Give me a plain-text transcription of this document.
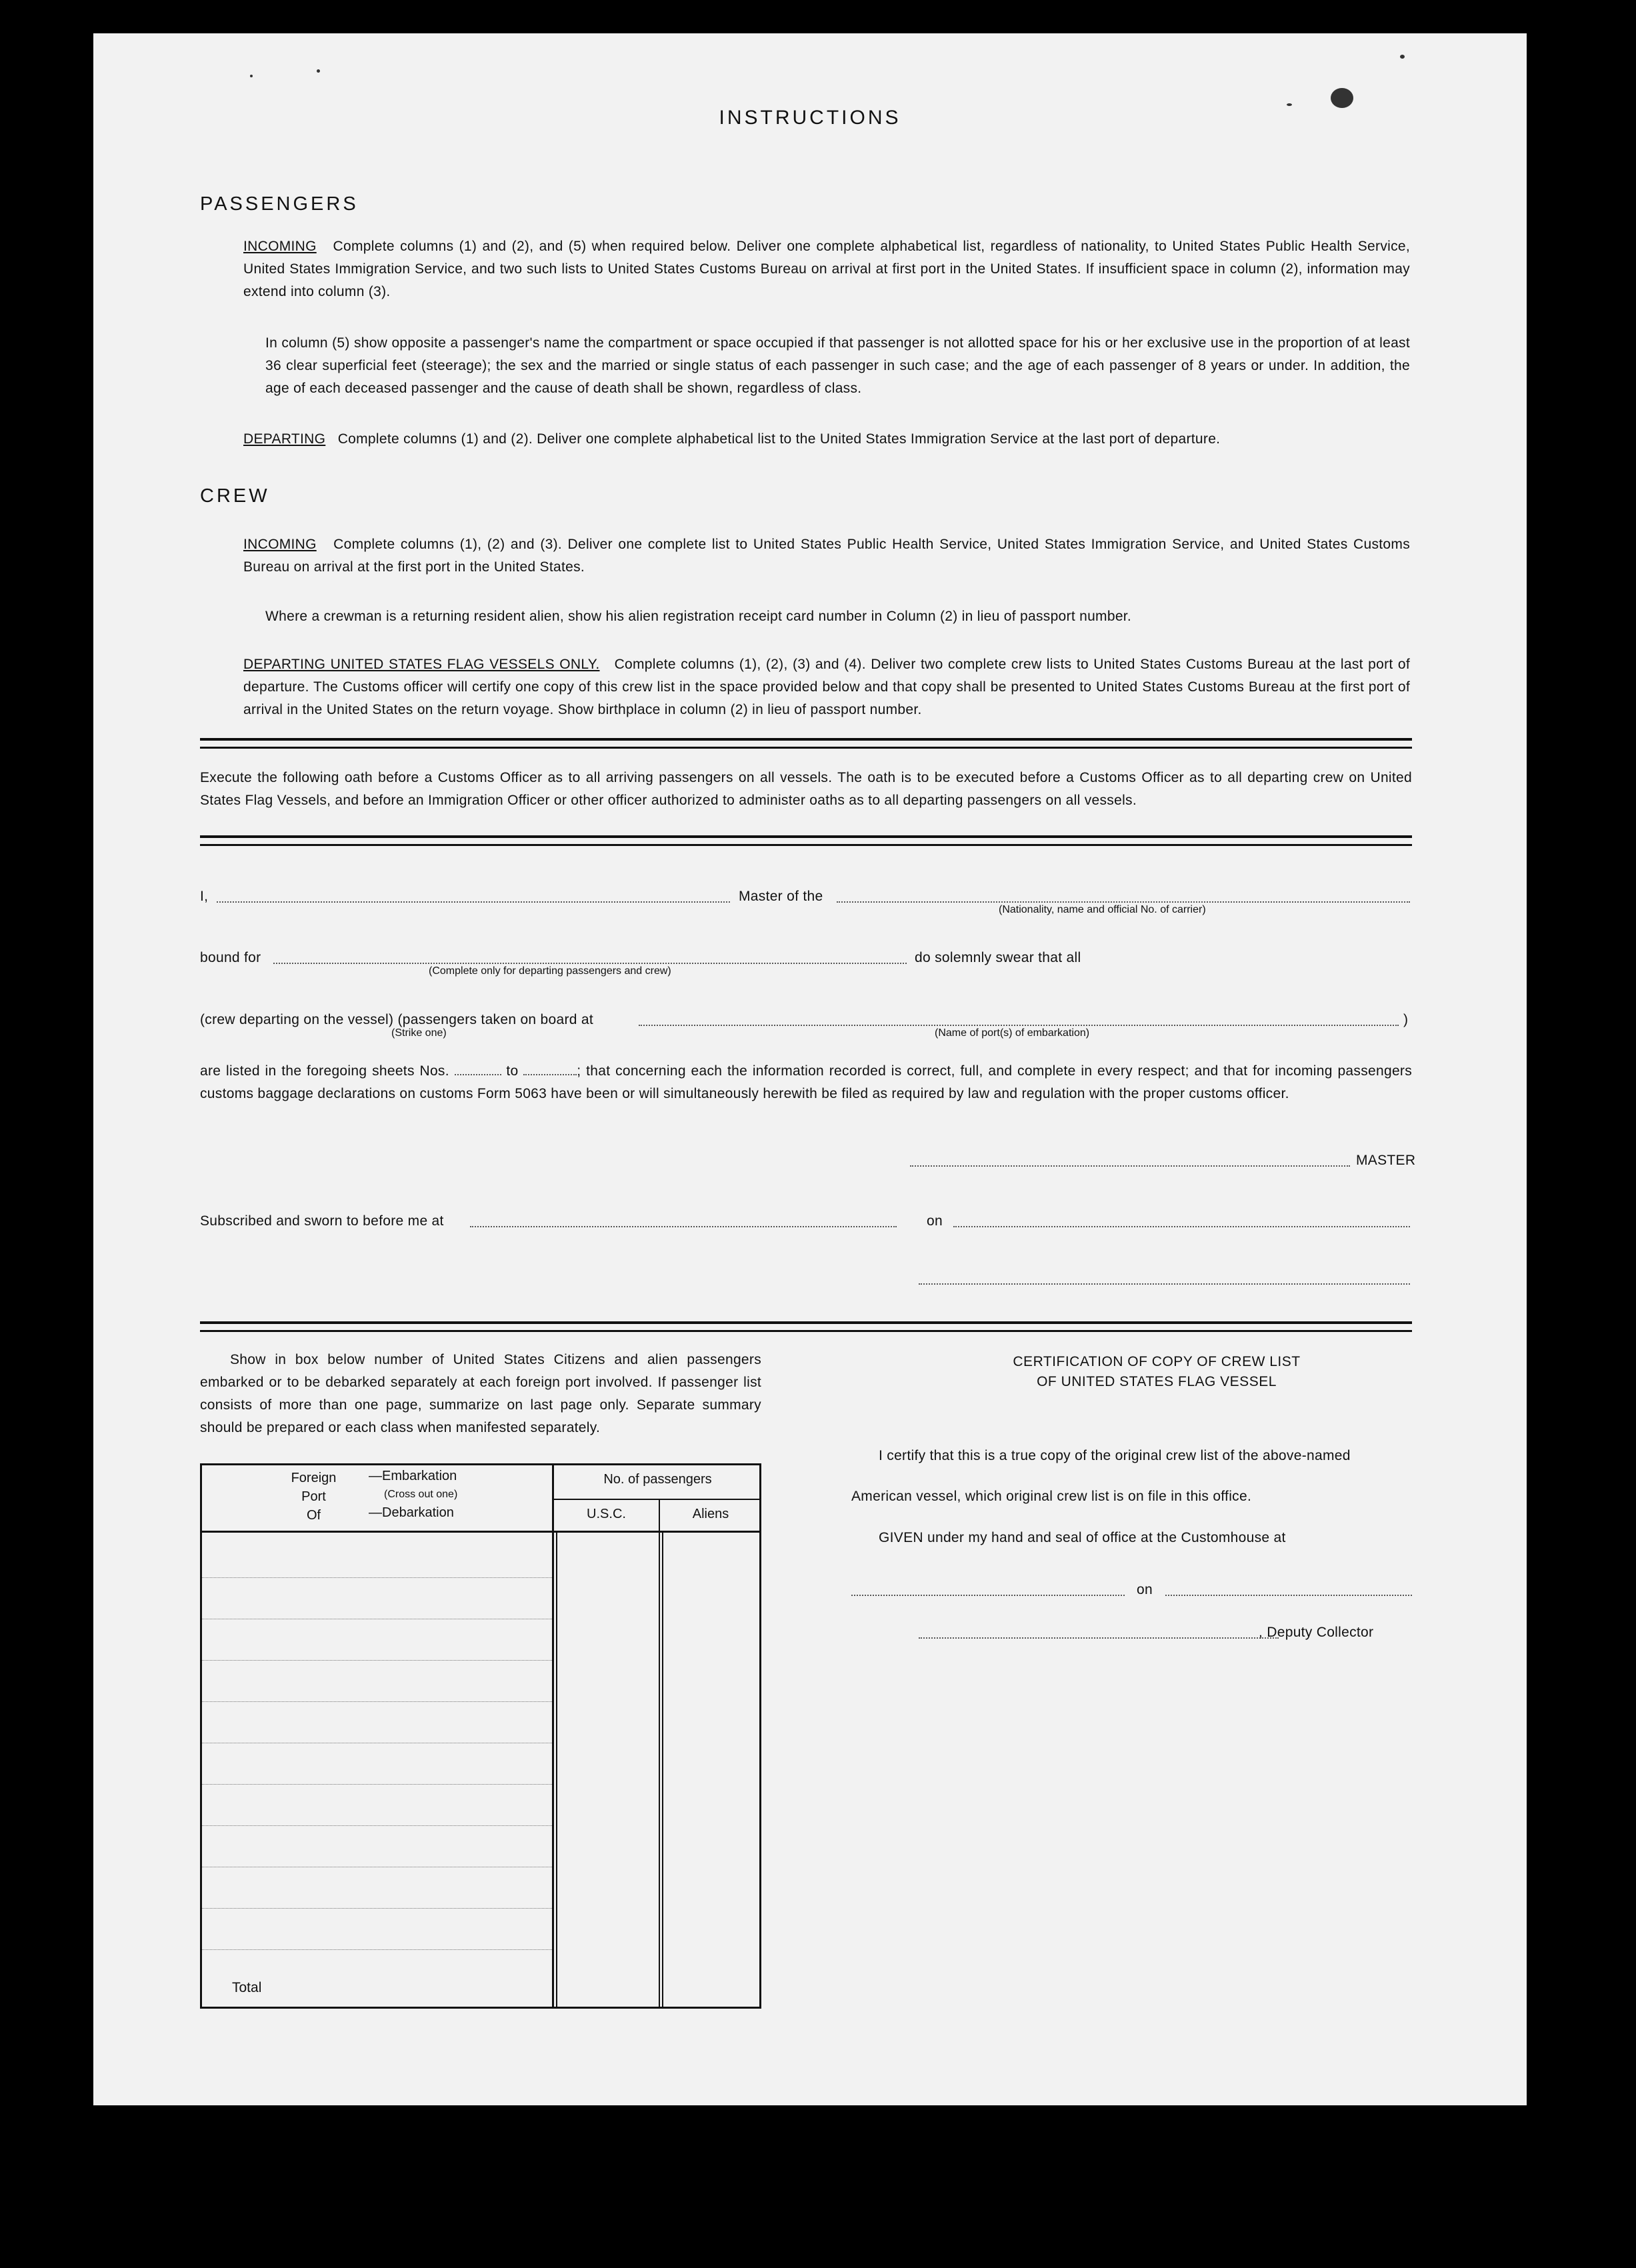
INSTRUCTIONS
PASSENGERS
INCOMING Complete columns (1) and (2), and (5) when required below. Deliver one complete alphabetical list, regardless of nationality, to United States Public Health Service, United States Immigration Service, and two such lists to United States Customs Bureau on arrival at first port in the United States. If insufficient space in column (2), information may extend into column (3).
In column (5) show opposite a passenger's name the compartment or space occupied if that passenger is not allotted space for his or her exclusive use in the proportion of at least 36 clear superficial feet (steerage); the sex and the married or single status of each passenger in such case; and the age of each passenger of 8 years or under. In addition, the age of each deceased passenger and the cause of death shall be shown, regardless of class.
DEPARTING Complete columns (1) and (2). Deliver one complete alphabetical list to the United States Immigration Service at the last port of departure.
CREW
INCOMING Complete columns (1), (2) and (3). Deliver one complete list to United States Public Health Service, United States Immigration Service, and United States Customs Bureau on arrival at the first port in the United States.
Where a crewman is a returning resident alien, show his alien registration receipt card number in Column (2) in lieu of passport number.
DEPARTING UNITED STATES FLAG VESSELS ONLY. Complete columns (1), (2), (3) and (4). Deliver two complete crew lists to United States Customs Bureau at the last port of departure. The Customs officer will certify one copy of this crew list in the space provided below and that copy shall be presented to United States Customs Bureau at the first port of arrival in the United States on the return voyage. Show birthplace in column (2) in lieu of passport number.
Execute the following oath before a Customs Officer as to all arriving passengers on all vessels. The oath is to be executed before a Customs Officer as to all departing crew on United States Flag Vessels, and before an Immigration Officer or other officer authorized to administer oaths as to all departing passengers on all vessels.
I,	Master of the
(Nationality, name and official No. of carrier)
bound for
(Complete only for departing passengers and crew)
do solemnly swear that all
(crew departing on the vessel) (passengers taken on board at
(Strike one)	(Name of port(s) of embarkation)
)
are listed in the foregoing sheets Nos.	to	; that concerning each the information recorded is correct, full, and complete in every respect; and that for incoming passengers customs baggage declarations on customs Form 5063 have been or will simultaneously herewith be filed as required by law and regulation with the proper customs officer.
MASTER
Subscribed and sworn to before me at	on
Show in box below number of United States Citizens and alien passengers embarked or to be debarked separately at each foreign port involved. If passenger list consists of more than one page, summarize on last page only. Separate summary should be prepared or each class when manifested separately.
Foreign
Port
Of
—Embarkation
(Cross out one)
—Debarkation
No. of passengers
U.S.C.	Aliens
Total
CERTIFICATION OF COPY OF CREW LIST
OF UNITED STATES FLAG VESSEL
I certify that this is a true copy of the original crew list of the above-named
American vessel, which original crew list is on file in this office.
GIVEN under my hand and seal of office at the Customhouse at
on
, Deputy Collector
